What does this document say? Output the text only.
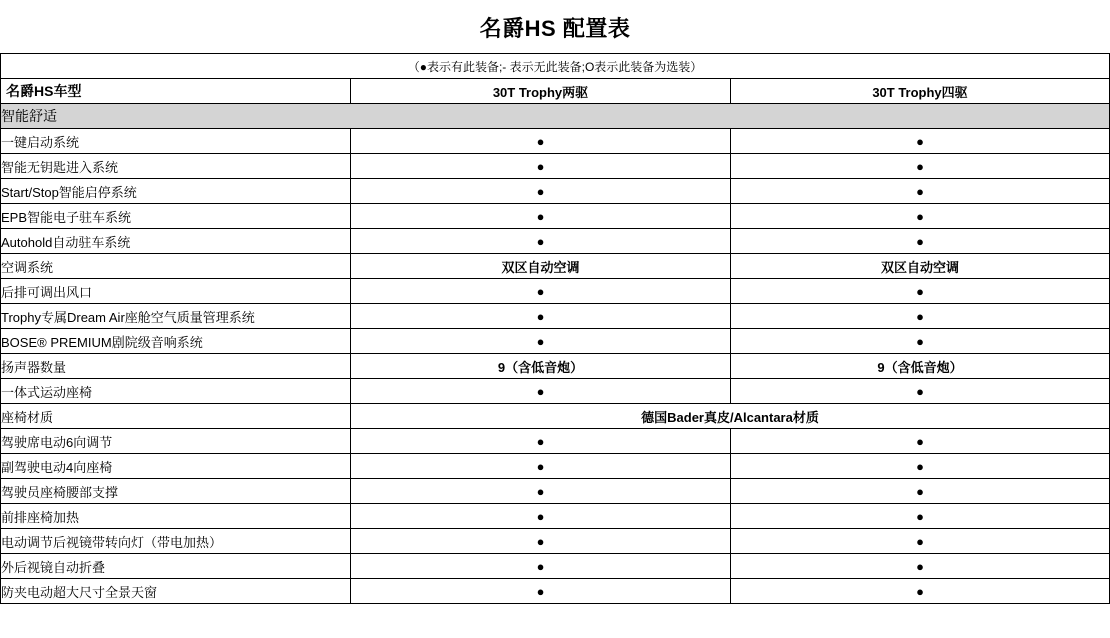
名爵HS 配置表
（●表示有此装备;- 表示无此装备;O表示此装备为选装）		
名爵HS车型	30T Trophy两驱	30T Trophy四驱
智能舒适		
一键启动系统	●	●
智能无钥匙进入系统	●	●
Start/Stop智能启停系统	●	●
EPB智能电子驻车系统	●	●
Autohold自动驻车系统	●	●
空调系统	双区自动空调	双区自动空调
后排可调出风口	●	●
Trophy专属Dream Air座舱空气质量管理系统	●	●
BOSE® PREMIUM剧院级音响系统	●	●
扬声器数量	9（含低音炮）	9（含低音炮）
一体式运动座椅	●	●
座椅材质	德国Bader真皮/Alcantara材质	
驾驶席电动6向调节	●	●
副驾驶电动4向座椅	●	●
驾驶员座椅腰部支撑	●	●
前排座椅加热	●	●
电动调节后视镜带转向灯（带电加热）	●	●
外后视镜自动折叠	●	●
防夹电动超大尺寸全景天窗	●	●
